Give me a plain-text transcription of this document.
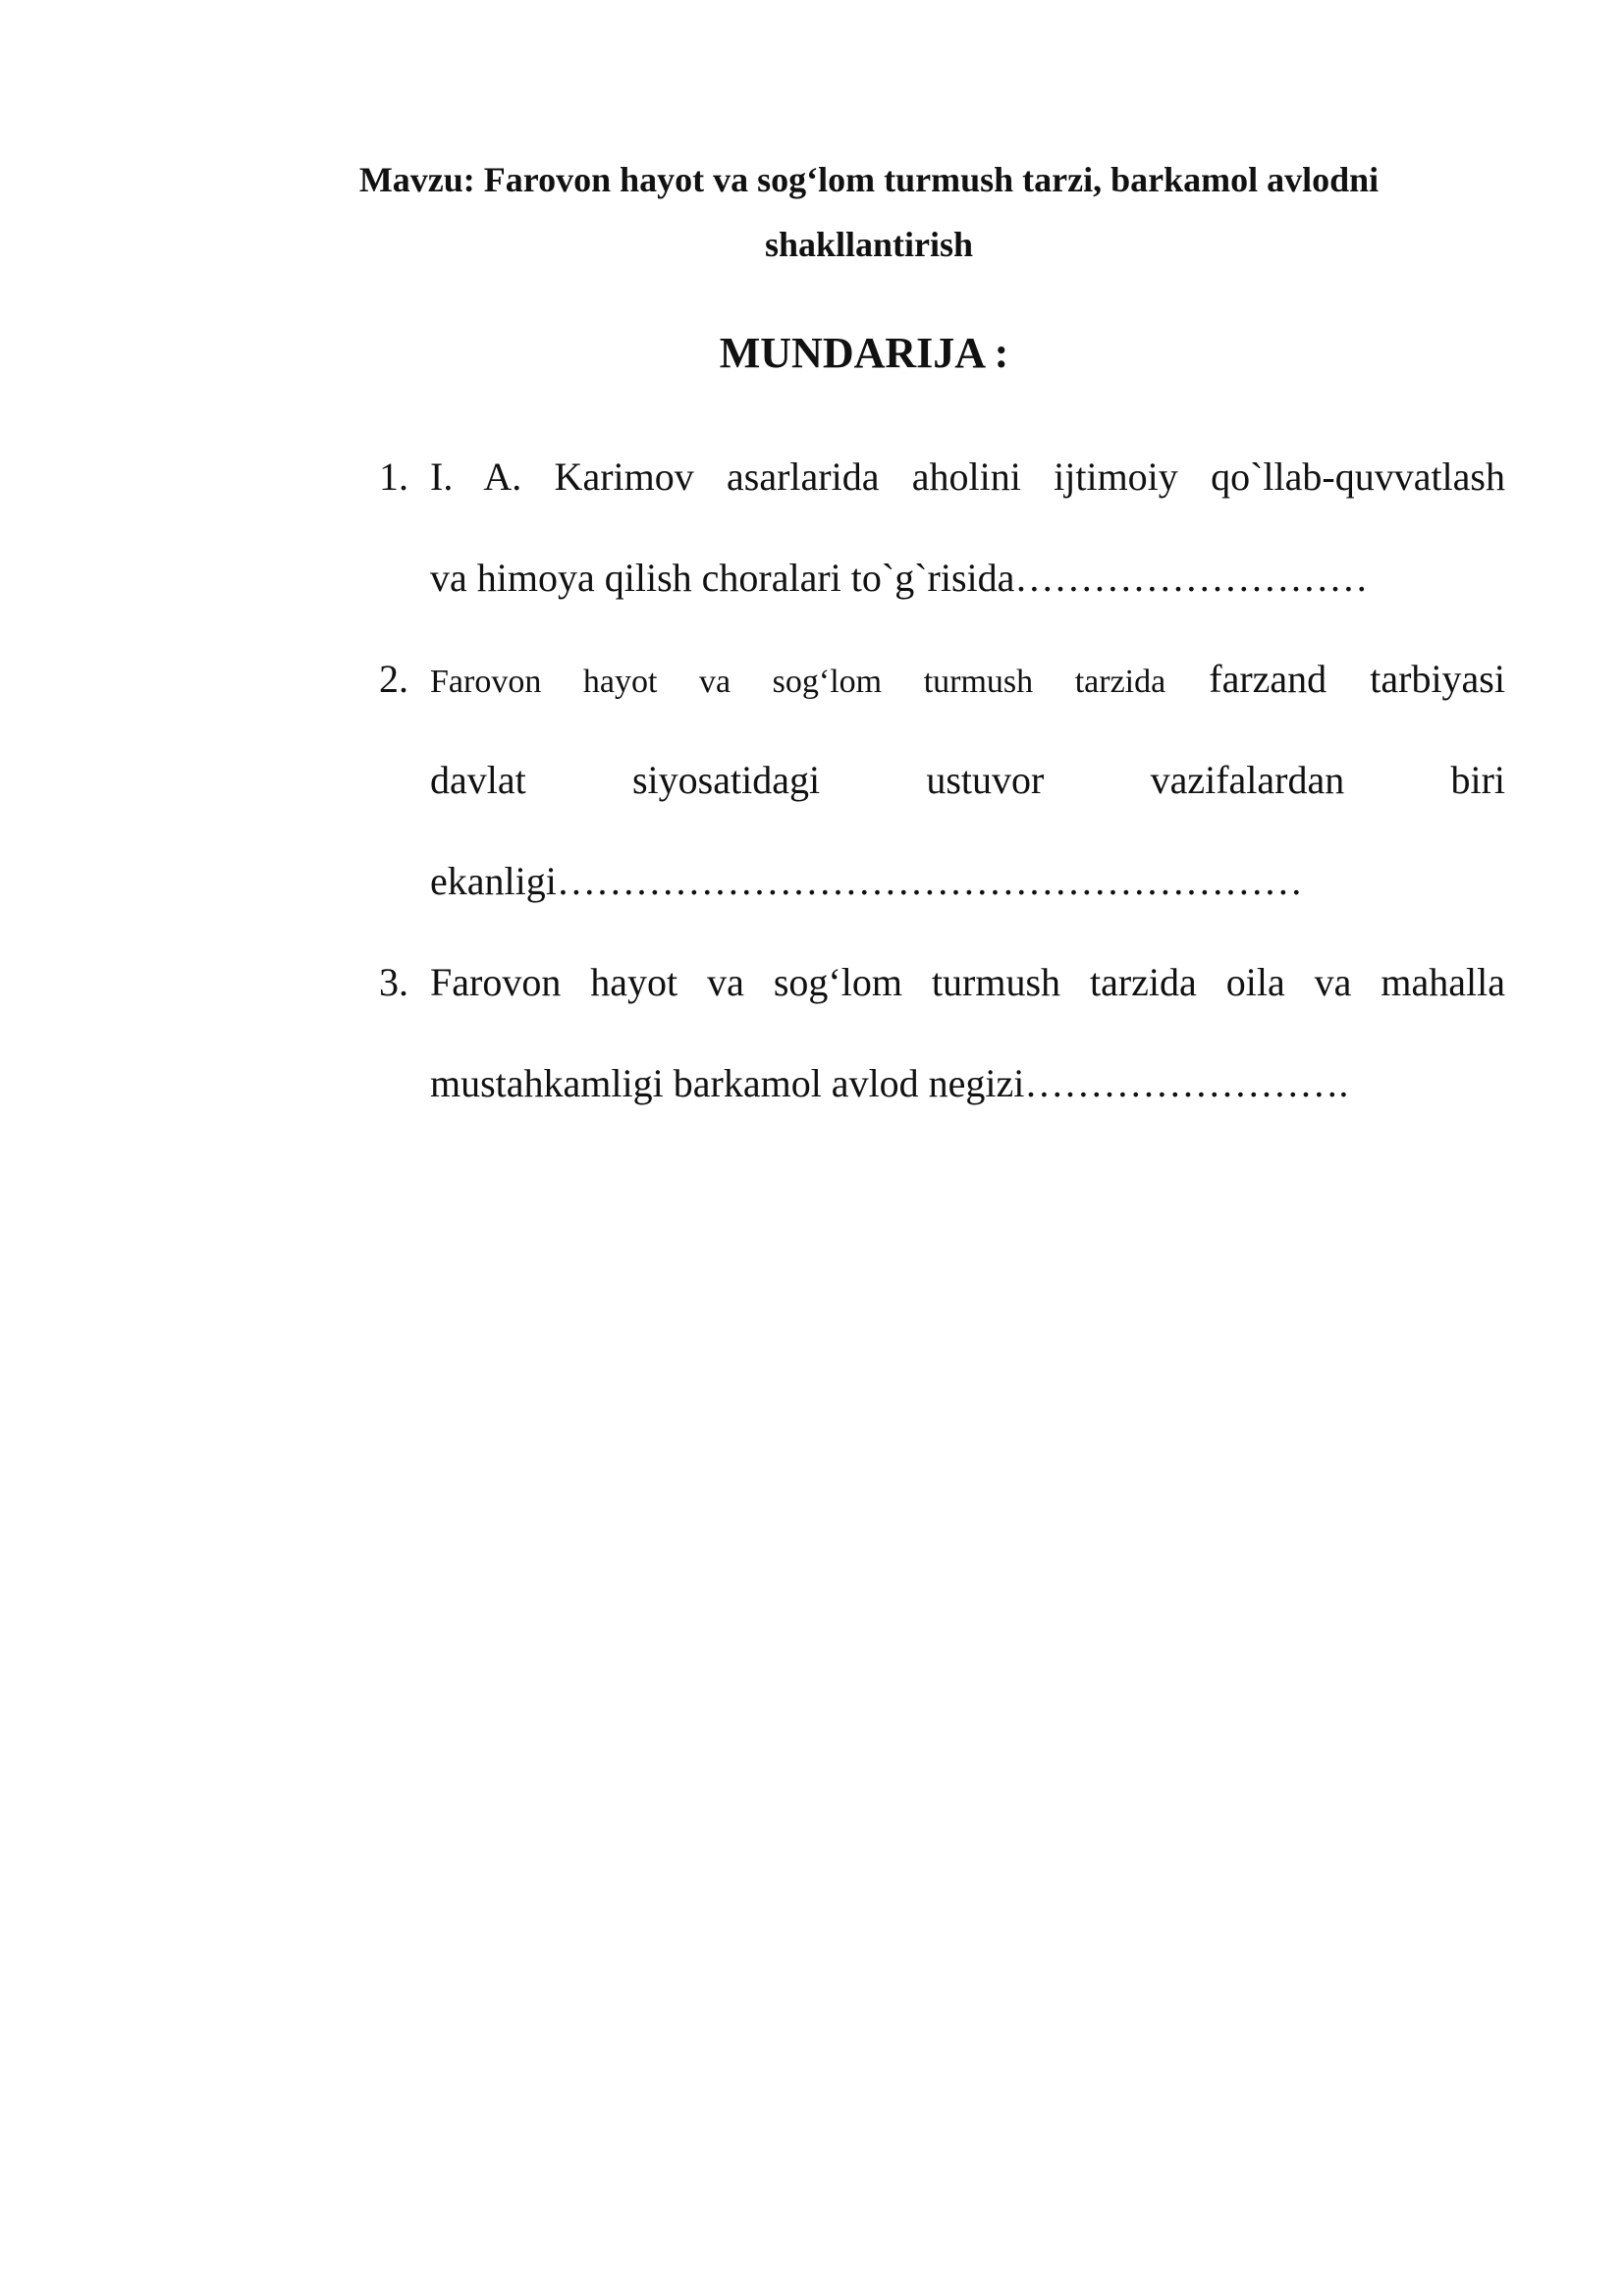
Mavzu: Farovon hayot va sog‘lom turmush tarzi, barkamol avlodni
shakllantirish
MUNDARIJA :
1. I. A. Karimov asarlarida aholini ijtimoiy qo`llab-quvvatlash
va himoya qilish choralari to`g`risida………………………
2. Farovon hayot va sog‘lom turmush tarzida farzand tarbiyasi
davlat	siyosatidagi	ustuvor	vazifalardan	biri
ekanligi…………………………………………………
3. Farovon hayot va sog‘lom turmush tarzida oila va mahalla
mustahkamligi barkamol avlod negizi…………………….
